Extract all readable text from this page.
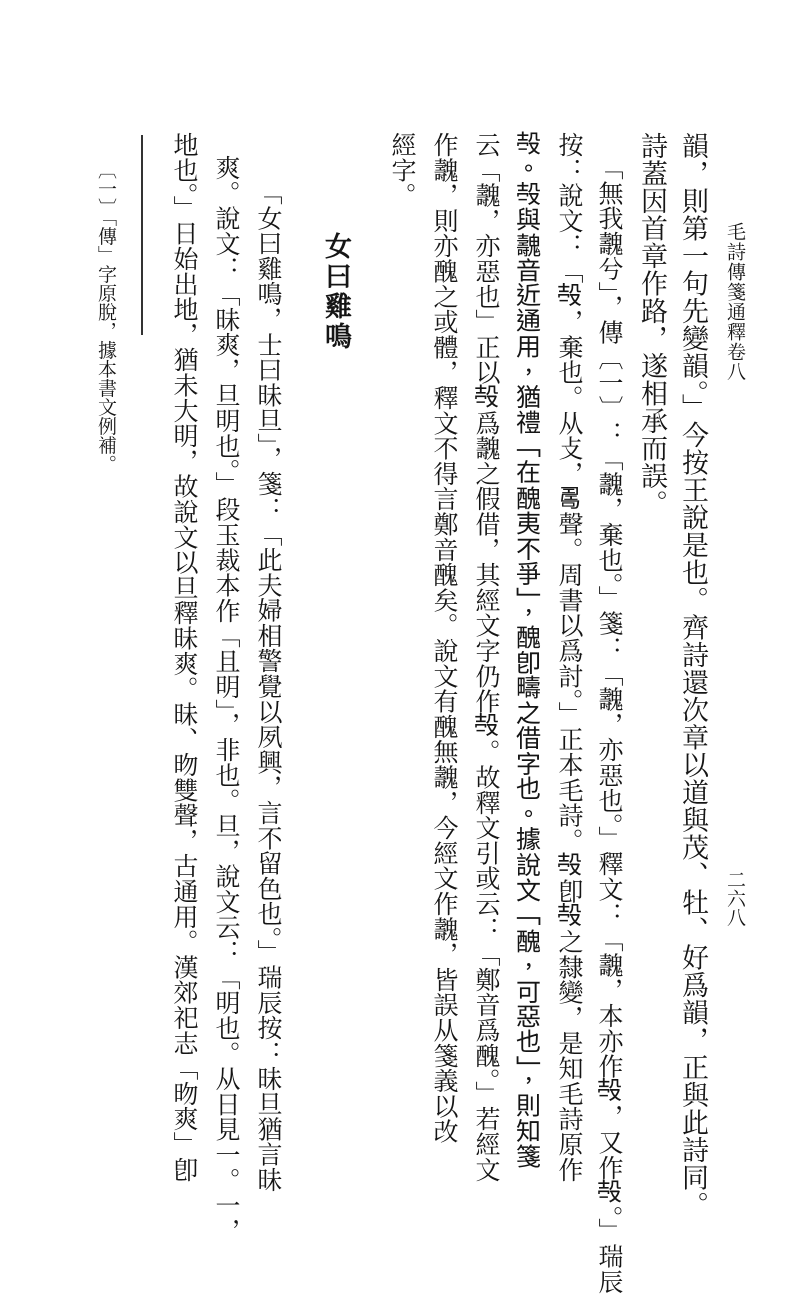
毛詩傳箋通釋卷八
二六八
韻，則第一句先變韻。」今按王說是也。齊詩還次章以道與茂、牡、好爲韻，正與此詩同。
詩蓋因首章作路，遂相承而誤。
「無我魗兮」，傳〔一〕：「魗，棄也。」箋：「魗，亦惡也。」釋文：「魗，本亦作𣪊，又作𣪊。」瑞辰
按：說文：「𣪊，棄也。从攴，𠷎聲。周書以爲討。」正本毛詩。𣪊卽𣪊之隸變，是知毛詩原作
𣪊。𣪊與魗音近通用，猶禮「在醜夷不爭」，醜卽疇之借字也。據說文「醜，可惡也」，則知箋
云「魗，亦惡也」正以𣪊爲魗之假借，其經文字仍作𣪊。故釋文引或云：「鄭音爲醜。」若經文
作魗，則亦醜之或體，釋文不得言鄭音醜矣。說文有醜無魗，今經文作魗，皆誤从箋義以改
經字。
女曰雞鳴
「女曰雞鳴，士曰昧旦」，箋：「此夫婦相警覺以夙興，言不留色也。」瑞辰按：昧旦猶言昧
爽。說文：「昧爽，旦明也。」段玉裁本作「且明」，非也。旦，說文云：「明也。从日見一。一，
地也。」日始出地，猶未大明，故說文以旦釋昧爽。昧、昒雙聲，古通用。漢郊祀志「昒爽」卽
〔一〕「傳」字原脫，據本書文例補。
